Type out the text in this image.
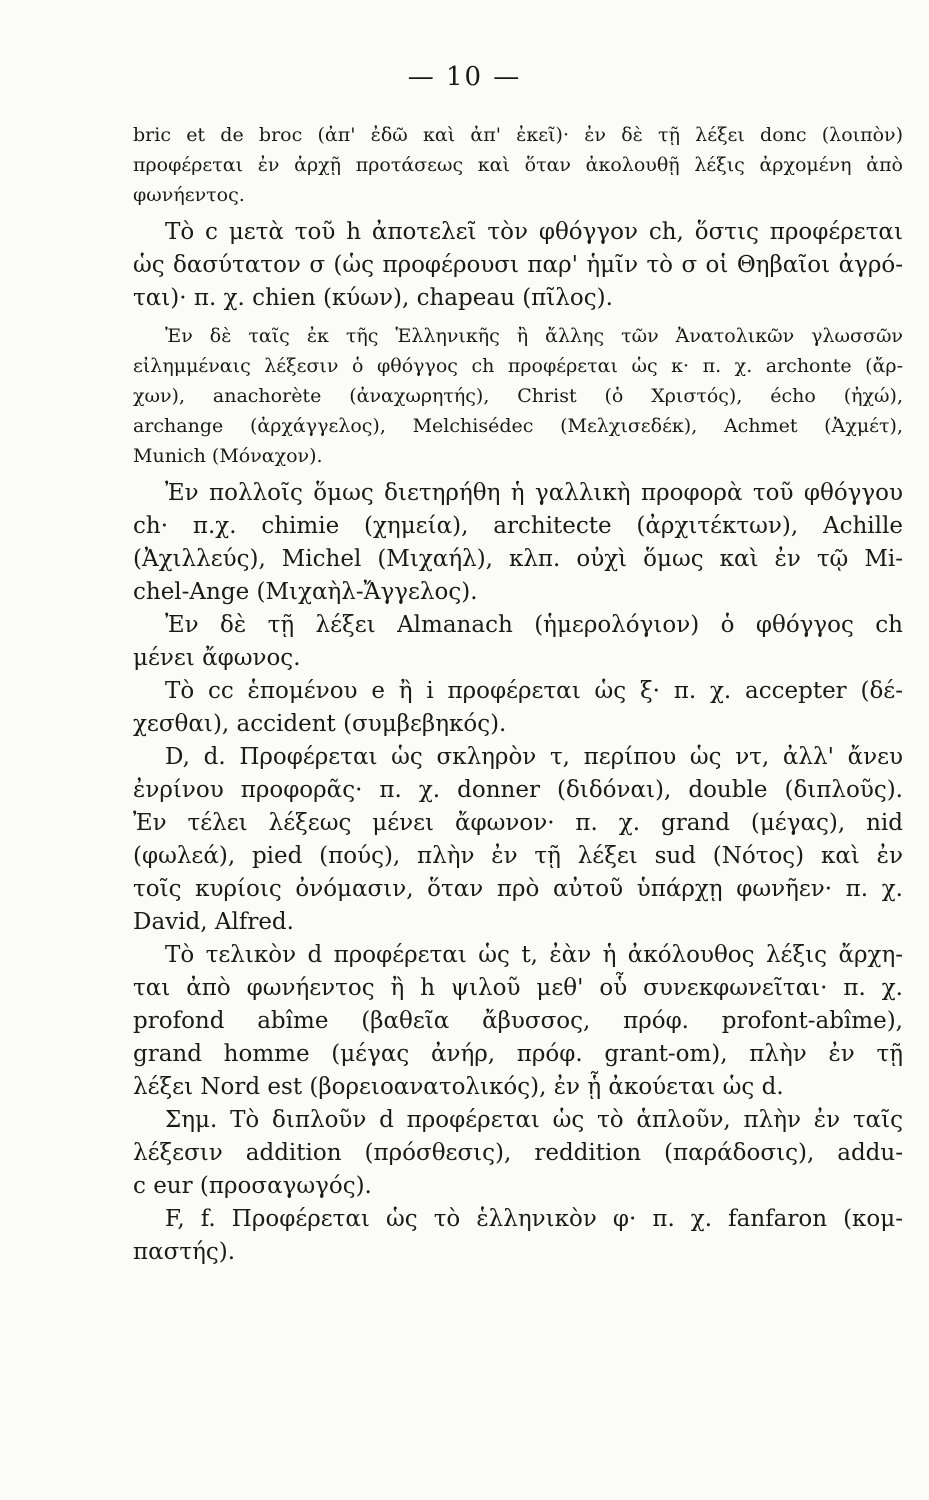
— 10 —
bric et de broc (ἀπ' ἐδῶ καὶ ἀπ' ἐκεῖ)· ἐν δὲ τῇ λέξει donc (λοιπὸν)
προφέρεται ἐν ἀρχῇ προτάσεως καὶ ὅταν ἀκολουθῇ λέξις ἀρχομένη ἀπὸ
φωνήεντος.
Τὸ c μετὰ τοῦ h ἀποτελεῖ τὸν φθόγγον ch, ὅστις προφέρεται
ὡς δασύτατον σ (ὡς προφέρουσι παρ' ἡμῖν τὸ σ οἱ Θηβαῖοι ἀγρό-
ται)· π. χ. chien (κύων), chapeau (πῖλος).
Ἐν δὲ ταῖς ἐκ τῆς Ἑλληνικῆς ἢ ἄλλης τῶν Ἀνατολικῶν γλωσσῶν
εἰλημμέναις λέξεσιν ὁ φθόγγος ch προφέρεται ὡς κ· π. χ. archonte (ἄρ-
χων), anachorète (ἀναχωρητής), Christ (ὁ Χριστός), écho (ἠχώ),
archange (ἀρχάγγελος), Melchisédec (Μελχισεδέκ), Achmet (Ἀχμέτ),
Munich (Μόναχον).
Ἐν πολλοῖς ὅμως διετηρήθη ἡ γαλλικὴ προφορὰ τοῦ φθόγγου
ch· π.χ. chimie (χημεία), architecte (ἀρχιτέκτων), Achille
(Ἀχιλλεύς), Michel (Μιχαήλ), κλπ. οὐχὶ ὅμως καὶ ἐν τῷ Mi-
chel-Ange (Μιχαὴλ-Ἄγγελος).
Ἐν δὲ τῇ λέξει Almanach (ἡμερολόγιον) ὁ φθόγγος ch
μένει ἄφωνος.
Τὸ cc ἑπομένου e ἢ i προφέρεται ὡς ξ· π. χ. accepter (δέ-
χεσθαι), accident (συμβεβηκός).
D, d. Προφέρεται ὡς σκληρὸν τ, περίπου ὡς ντ, ἀλλ' ἄνευ
ἐνρίνου προφορᾶς· π. χ. donner (διδόναι), double (διπλοῦς).
Ἐν τέλει λέξεως μένει ἄφωνον· π. χ. grand (μέγας), nid
(φωλεά), pied (πούς), πλὴν ἐν τῇ λέξει sud (Νότος) καὶ ἐν
τοῖς κυρίοις ὀνόμασιν, ὅταν πρὸ αὐτοῦ ὑπάρχῃ φωνῆεν· π. χ.
David, Alfred.
Τὸ τελικὸν d προφέρεται ὡς t, ἐὰν ἡ ἀκόλουθος λέξις ἄρχη-
ται ἀπὸ φωνήεντος ἢ h ψιλοῦ μεθ' οὗ συνεκφωνεῖται· π. χ.
profond abîme (βαθεῖα ἄβυσσος, πρόφ. profont-abîme),
grand homme (μέγας ἀνήρ, πρόφ. grant-om), πλὴν ἐν τῇ
λέξει Nord est (βορειοανατολικός), ἐν ᾗ ἀκούεται ὡς d.
Σημ. Τὸ διπλοῦν d προφέρεται ὡς τὸ ἁπλοῦν, πλὴν ἐν ταῖς
λέξεσιν addition (πρόσθεσις), reddition (παράδοσις), addu-
c eur (προσαγωγός).
F, f. Προφέρεται ὡς τὸ ἑλληνικὸν φ· π. χ. fanfaron (κομ-
παστής).
